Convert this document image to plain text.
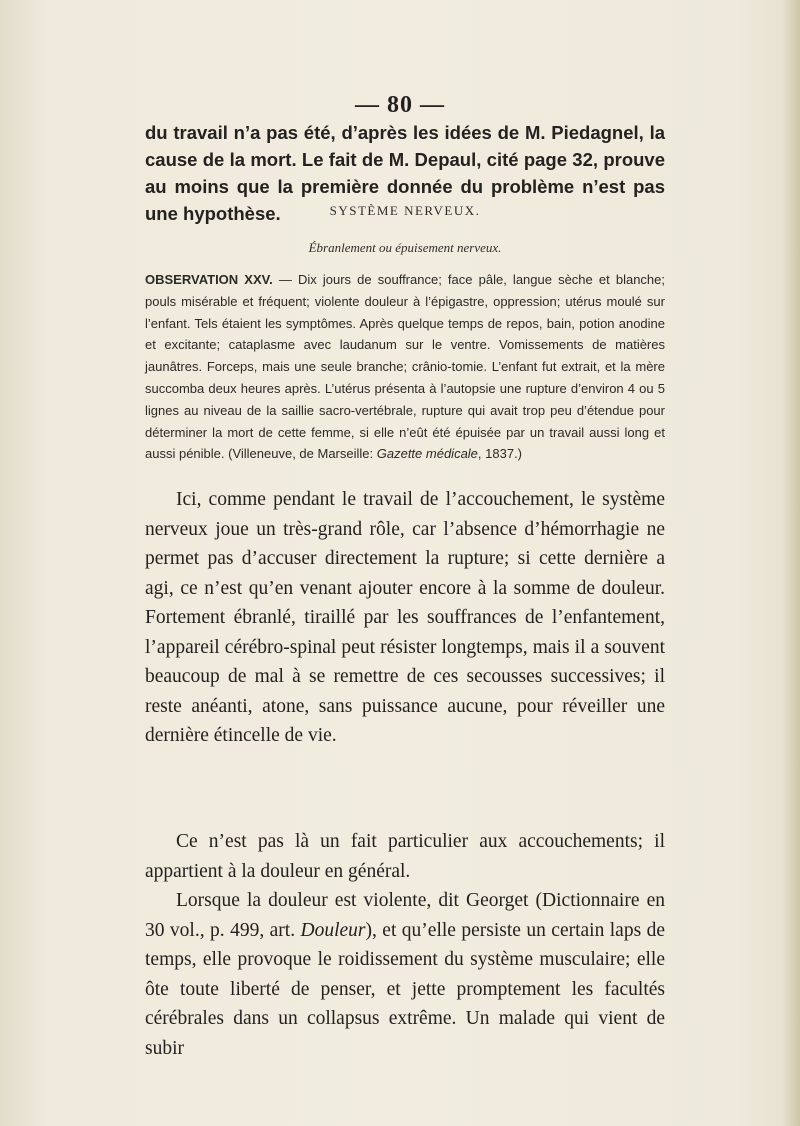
— 80 —

du travail n’a pas été, d’après les idées de M. Piedagnel, la cause de la mort. Le fait de M. Depaul, cité page 32, prouve au moins que la première donnée du problème n’est pas une hypothèse.	SYSTÈME NERVEUX.
Ébranlement ou épuisement nerveux.

OBSERVATION XXV. — Dix jours de souffrance; face pâle, langue sèche et blanche; pouls misérable et fréquent; violente douleur à l’épigastre, oppression; utérus moulé sur l’enfant. Tels étaient les symptômes. Après quelque temps de repos, bain, potion anodine et excitante; cataplasme avec laudanum sur le ventre. Vomissements de matières jaunâtres. Forceps, mais une seule branche; crânio-tomie. L’enfant fut extrait, et la mère succomba deux heures après. L’utérus présenta à l’autopsie une rupture d’environ 4 ou 5 lignes au niveau de la saillie sacro-vertébrale, rupture qui avait trop peu d’étendue pour déterminer la mort de cette femme, si elle n’eût été épuisée par un travail aussi long et aussi pénible. (Villeneuve, de Marseille: Gazette médicale, 1837.)

Ici, comme pendant le travail de l’accouchement, le système nerveux joue un très-grand rôle, car l’absence d’hémorrhagie ne permet pas d’accuser directement la rupture; si cette dernière a agi, ce n’est qu’en venant ajouter encore à la somme de douleur. Fortement ébranlé, tiraillé par les souffrances de l’enfantement, l’appareil cérébro-spinal peut résister longtemps, mais il a souvent beaucoup de mal à se remettre de ces secousses successives; il reste anéanti, atone, sans puissance aucune, pour réveiller une dernière étincelle de vie.

Ce n’est pas là un fait particulier aux accouchements; il appartient à la douleur en général.

Lorsque la douleur est violente, dit Georget (Dictionnaire en 30 vol., p. 499, art. Douleur), et qu’elle persiste un certain laps de temps, elle provoque le roidissement du système musculaire; elle ôte toute liberté de penser, et jette promptement les facultés cérébrales dans un collapsus extrême. Un malade qui vient de subir
